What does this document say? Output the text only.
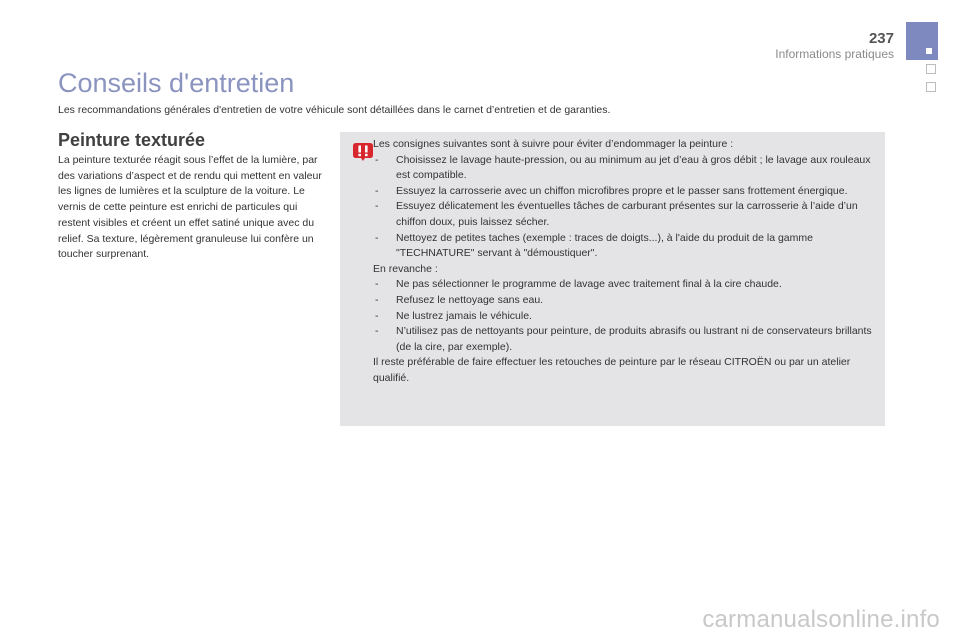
237
Informations pratiques
Conseils d'entretien
Les recommandations générales d'entretien de votre véhicule sont détaillées dans le carnet d’entretien et de garanties.
Peinture texturée

La peinture texturée réagit sous l’effet de la lumière, par des variations d’aspect et de rendu qui mettent en valeur les lignes de lumières et la sculpture de la voiture. Le vernis de cette peinture est enrichi de particules qui restent visibles et créent un effet satiné unique avec du relief. Sa texture, légèrement granuleuse lui confère un toucher surprenant.

Les consignes suivantes sont à suivre pour éviter d’endommager la peinture :

- Choisissez le lavage haute-pression, ou au minimum au jet d’eau à gros débit ; le lavage aux rouleaux est compatible.
- Essuyez la carrosserie avec un chiffon microfibres propre et le passer sans frottement énergique.
- Essuyez délicatement les éventuelles tâches de carburant présentes sur la carrosserie à l’aide d’un chiffon doux, puis laissez sécher.
- Nettoyez de petites taches (exemple : traces de doigts...), à l'aide du produit de la gamme "TECHNATURE" servant à "démoustiquer".

En revanche :

- Ne pas sélectionner le programme de lavage avec traitement final à la cire chaude.
- Refusez le nettoyage sans eau.
- Ne lustrez jamais le véhicule.
- N’utilisez pas de nettoyants pour peinture, de produits abrasifs ou lustrant ni de conservateurs brillants (de la cire, par exemple).

Il reste préférable de faire effectuer les retouches de peinture par le réseau CITROËN ou par un atelier qualifié.

carmanualsonline.info
